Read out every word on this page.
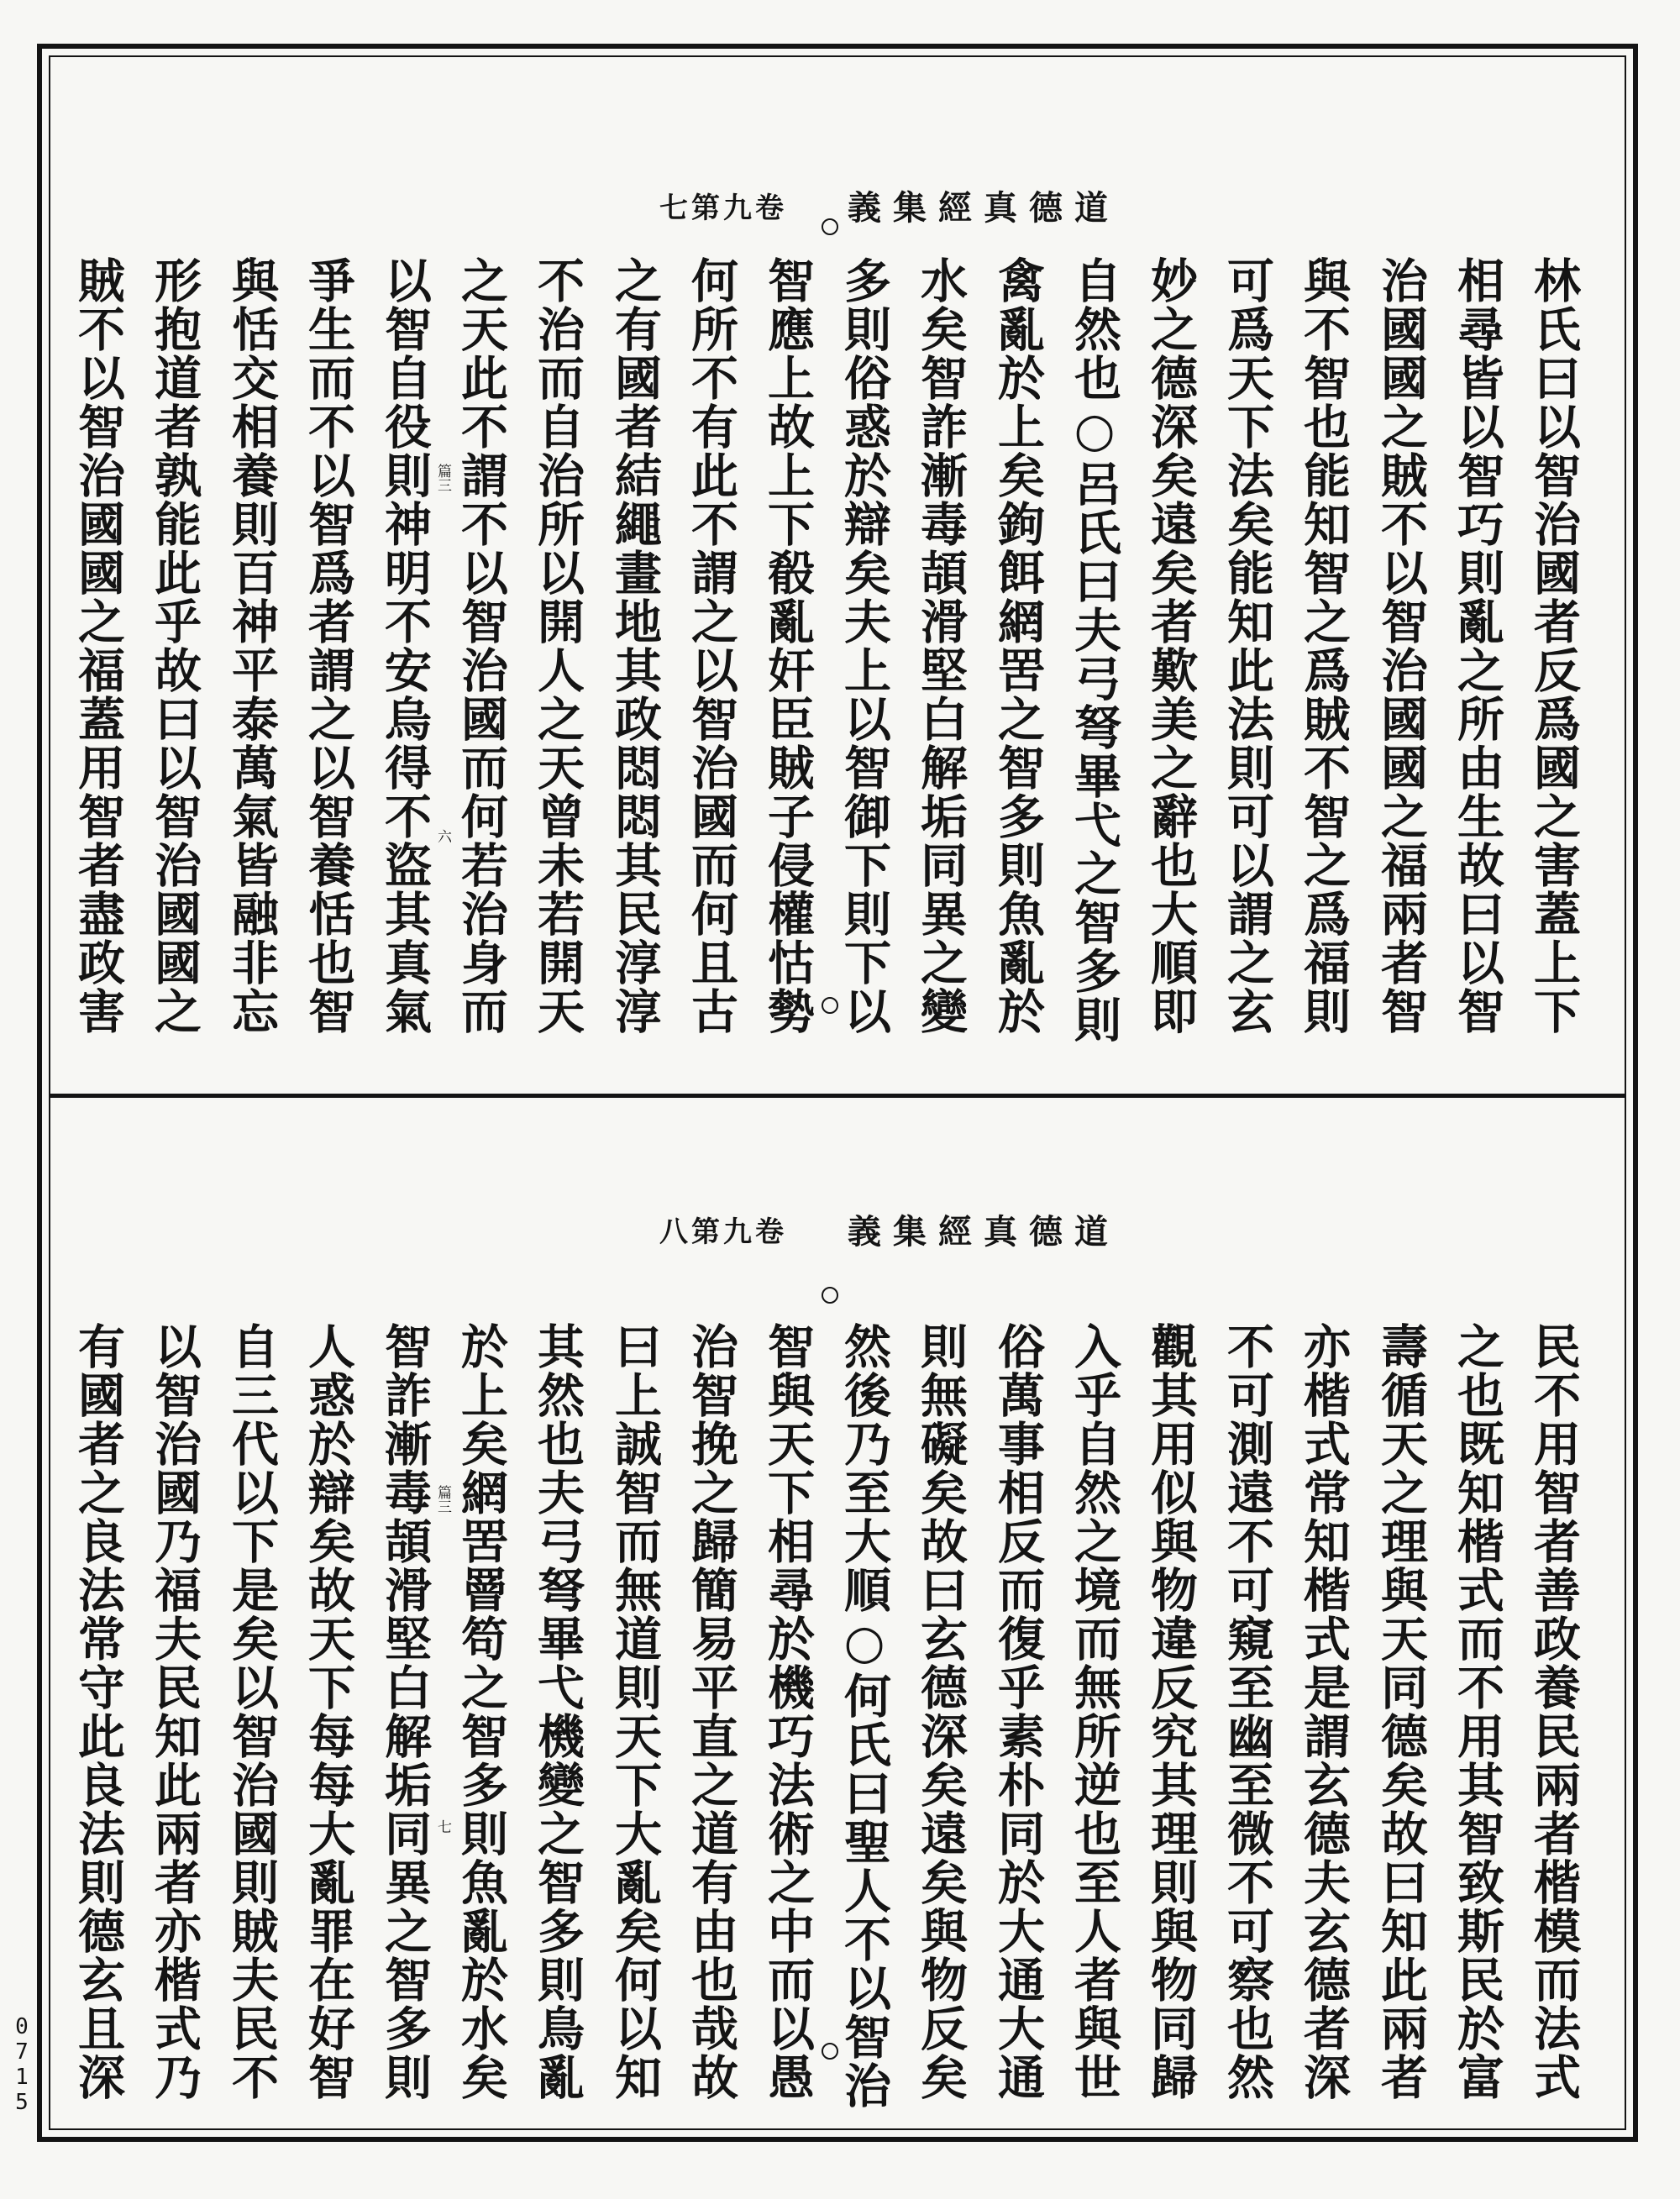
道德真經集義
卷九第七
林氏曰以智治國者反爲國之害蓋上下
相尋皆以智巧則亂之所由生故曰以智
治國國之賊不以智治國國之福兩者智
與不智也能知智之爲賊不智之爲福則
可爲天下法矣能知此法則可以謂之玄
妙之德深矣遠矣者歎美之辭也大順即
自然也○呂氏曰夫弓弩畢弋之智多則
禽亂於上矣鉤餌網罟之智多則魚亂於
水矣智詐漸毒頡滑堅白解垢同異之變
多則俗惑於辯矣夫上以智御下則下以
智應上故上下殽亂奸臣賊子侵權怙勢
何所不有此不謂之以智治國而何且古
之有國者結繩畫地其政悶悶其民淳淳
不治而自治所以開人之天曾未若開天
之天此不謂不以智治國而何若治身而
以智自役則神明不安烏得不盜其真氣
爭生而不以智爲者謂之以智養恬也智
與恬交相養則百神平泰萬氣皆融非忘
形抱道者孰能此乎故曰以智治國國之
賊不以智治國國之福蓋用智者盡政害	篇三
六
道德真經集義
卷九第八
民不用智者善政養民兩者楷模而法式
之也既知楷式而不用其智致斯民於富
壽循天之理與天同德矣故曰知此兩者
亦楷式常知楷式是謂玄德夫玄德者深
不可測遠不可窺至幽至微不可察也然
觀其用似與物違反究其理則與物同歸
入乎自然之境而無所逆也至人者與世
俗萬事相反而復乎素朴同於大通大通
則無礙矣故曰玄德深矣遠矣與物反矣
然後乃至大順○何氏曰聖人不以智治
智與天下相尋於機巧法術之中而以愚
治智挽之歸簡易平直之道有由也哉故
曰上誠智而無道則天下大亂矣何以知
其然也夫弓弩畢弋機變之智多則鳥亂
於上矣網罟罾笱之智多則魚亂於水矣
智詐漸毒頡滑堅白解垢同異之智多則
人惑於辯矣故天下每每大亂罪在好智
自三代以下是矣以智治國則賊夫民不
以智治國乃福夫民知此兩者亦楷式乃
有國者之良法常守此良法則德玄且深	篇三
七
0715
